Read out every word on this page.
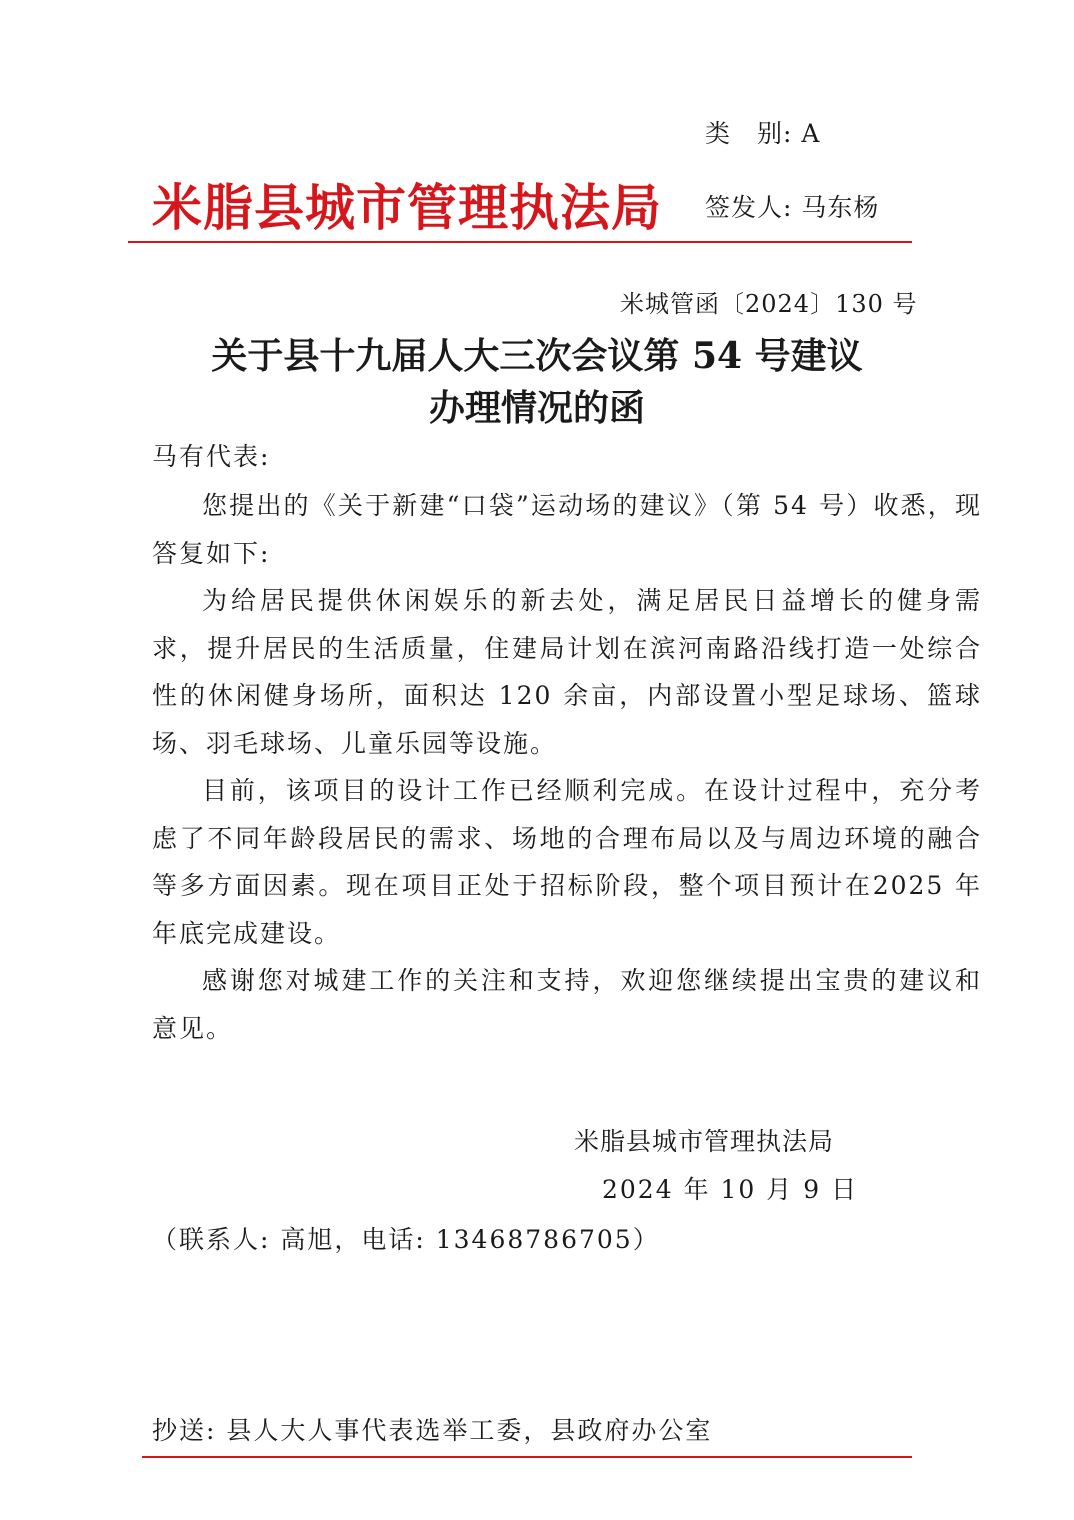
类　别: A
米脂县城市管理执法局 签发人: 马东杨
米城管函〔2024〕130 号
关于县十九届人大三次会议第 54 号建议
办理情况的函
马有代表:

您提出的《关于新建“口袋”运动场的建议》（第 54 号）收悉，现答复如下:

为给居民提供休闲娱乐的新去处，满足居民日益增长的健身需求，提升居民的生活质量，住建局计划在滨河南路沿线打造一处综合性的休闲健身场所，面积达 120 余亩，内部设置小型足球场、篮球场、羽毛球场、儿童乐园等设施。

目前，该项目的设计工作已经顺利完成。在设计过程中，充分考虑了不同年龄段居民的需求、场地的合理布局以及与周边环境的融合等多方面因素。现在项目正处于招标阶段，整个项目预计在2025 年年底完成建设。

感谢您对城建工作的关注和支持，欢迎您继续提出宝贵的建议和意见。

米脂县城市管理执法局
2024 年 10 月 9 日
（联系人: 高旭，电话: 13468786705）
抄送: 县人大人事代表选举工委，县政府办公室
